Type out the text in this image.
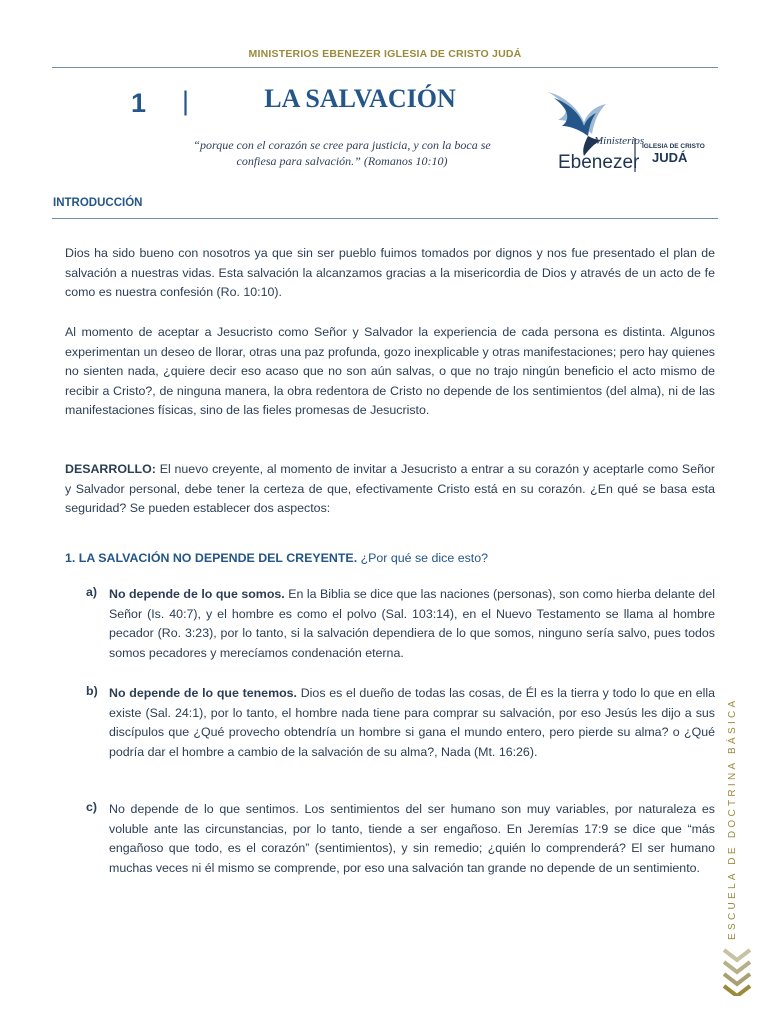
MINISTERIOS EBENEZER IGLESIA DE CRISTO JUDÁ
1 |	LA SALVACIÓN
“porque con el corazón se cree para justicia, y con la boca se
confiesa para salvación.” (Romanos 10:10)
Ministerios
Ebenezer
IGLESIA DE CRISTO
JUDÁ
INTRODUCCIÓN

Dios ha sido bueno con nosotros ya que sin ser pueblo fuimos tomados por dignos y nos fue presentado el plan de salvación a nuestras vidas. Esta salvación la alcanzamos gracias a la misericordia de Dios y através de un acto de fe como es nuestra confesión (Ro. 10:10).

Al momento de aceptar a Jesucristo como Señor y Salvador la experiencia de cada persona es distinta. Algunos experimentan un deseo de llorar, otras una paz profunda, gozo inexplicable y otras manifestaciones; pero hay quienes no sienten nada, ¿quiere decir eso acaso que no son aún salvas, o que no trajo ningún beneficio el acto mismo de recibir a Cristo?, de ninguna manera, la obra redentora de Cristo no depende de los sentimientos (del alma), ni de las manifestaciones físicas, sino de las fieles promesas de Jesucristo.

DESARROLLO: El nuevo creyente, al momento de invitar a Jesucristo a entrar a su corazón y aceptarle como Señor y Salvador personal, debe tener la certeza de que, efectivamente Cristo está en su corazón. ¿En qué se basa esta seguridad? Se pueden establecer dos aspectos:

1. LA SALVACIÓN NO DEPENDE DEL CREYENTE. ¿Por qué se dice esto?
a) No depende de lo que somos. En la Biblia se dice que las naciones (personas), son como hierba delante del Señor (Is. 40:7), y el hombre es como el polvo (Sal. 103:14), en el Nuevo Testamento se llama al hombre pecador (Ro. 3:23), por lo tanto, si la salvación dependiera de lo que somos, ninguno sería salvo, pues todos somos pecadores y merecíamos condenación eterna.

b) No depende de lo que tenemos. Dios es el dueño de todas las cosas, de Él es la tierra y todo lo que en ella existe (Sal. 24:1), por lo tanto, el hombre nada tiene para comprar su salvación, por eso Jesús les dijo a sus discípulos que ¿Qué provecho obtendría un hombre si gana el mundo entero, pero pierde su alma? o ¿Qué podría dar el hombre a cambio de la salvación de su alma?, Nada (Mt. 16:26).

c) No depende de lo que sentimos. Los sentimientos del ser humano son muy variables, por naturaleza es voluble ante las circunstancias, por lo tanto, tiende a ser engañoso. En Jeremías 17:9 se dice que “más engañoso que todo, es el corazón” (sentimientos), y sin remedio; ¿quién lo comprenderá? El ser humano muchas veces ni él mismo se comprende, por eso una salvación tan grande no depende de un sentimiento.	ESCUELA DE DOCTRINA BÁSICA
